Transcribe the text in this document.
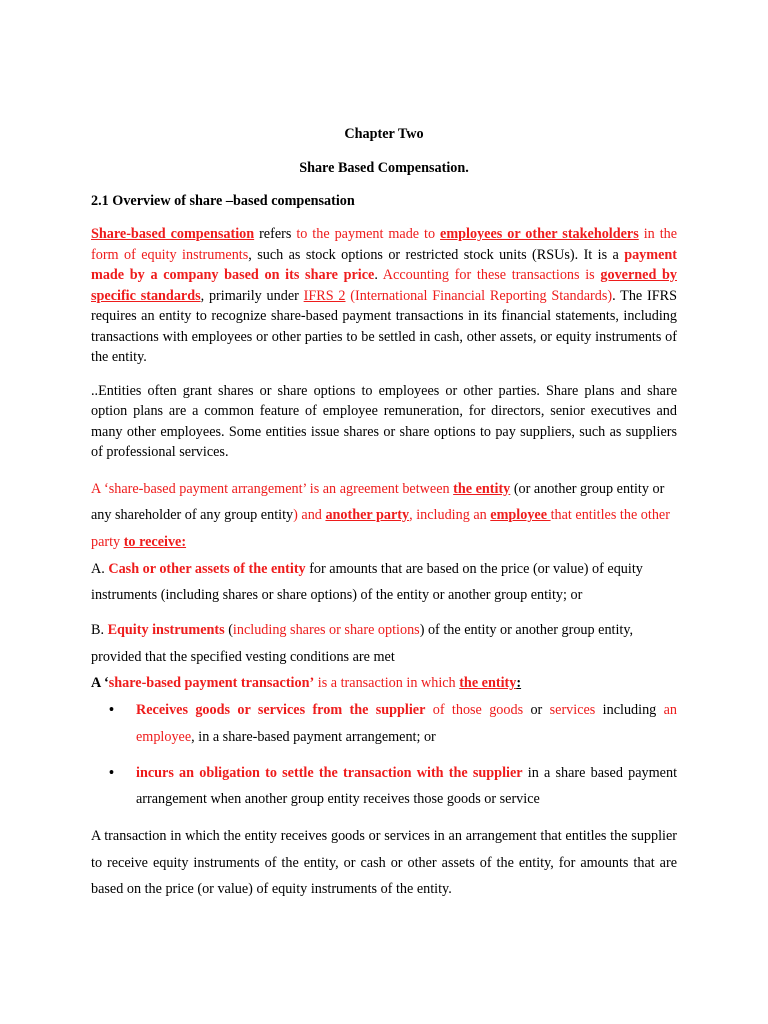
Chapter Two

Share Based Compensation.

2.1 Overview of share –based compensation

Share-based compensation refers to the payment made to employees or other stakeholders in the form of equity instruments, such as stock options or restricted stock units (RSUs). It is a payment made by a company based on its share price. Accounting for these transactions is governed by specific standards, primarily under IFRS 2 (International Financial Reporting Standards). The IFRS requires an entity to recognize share-based payment transactions in its financial statements, including transactions with employees or other parties to be settled in cash, other assets, or equity instruments of the entity.

..Entities often grant shares or share options to employees or other parties. Share plans and share option plans are a common feature of employee remuneration, for directors, senior executives and many other employees. Some entities issue shares or share options to pay suppliers, such as suppliers of professional services.

A ‘share-based payment arrangement’ is an agreement between the entity (or another group entity or any shareholder of any group entity) and another party, including an employee that entitles the other party to receive:

A. Cash or other assets of the entity for amounts that are based on the price (or value) of equity instruments (including shares or share options) of the entity or another group entity; or

B. Equity instruments (including shares or share options) of the entity or another group entity, provided that the specified vesting conditions are met

A ‘share-based payment transaction’ is a transaction in which the entity:

• Receives goods or services from the supplier of those goods or services including an employee, in a share-based payment arrangement; or
• incurs an obligation to settle the transaction with the supplier in a share based payment arrangement when another group entity receives those goods or service

A transaction in which the entity receives goods or services in an arrangement that entitles the supplier to receive equity instruments of the entity, or cash or other assets of the entity, for amounts that are based on the price (or value) of equity instruments of the entity.
